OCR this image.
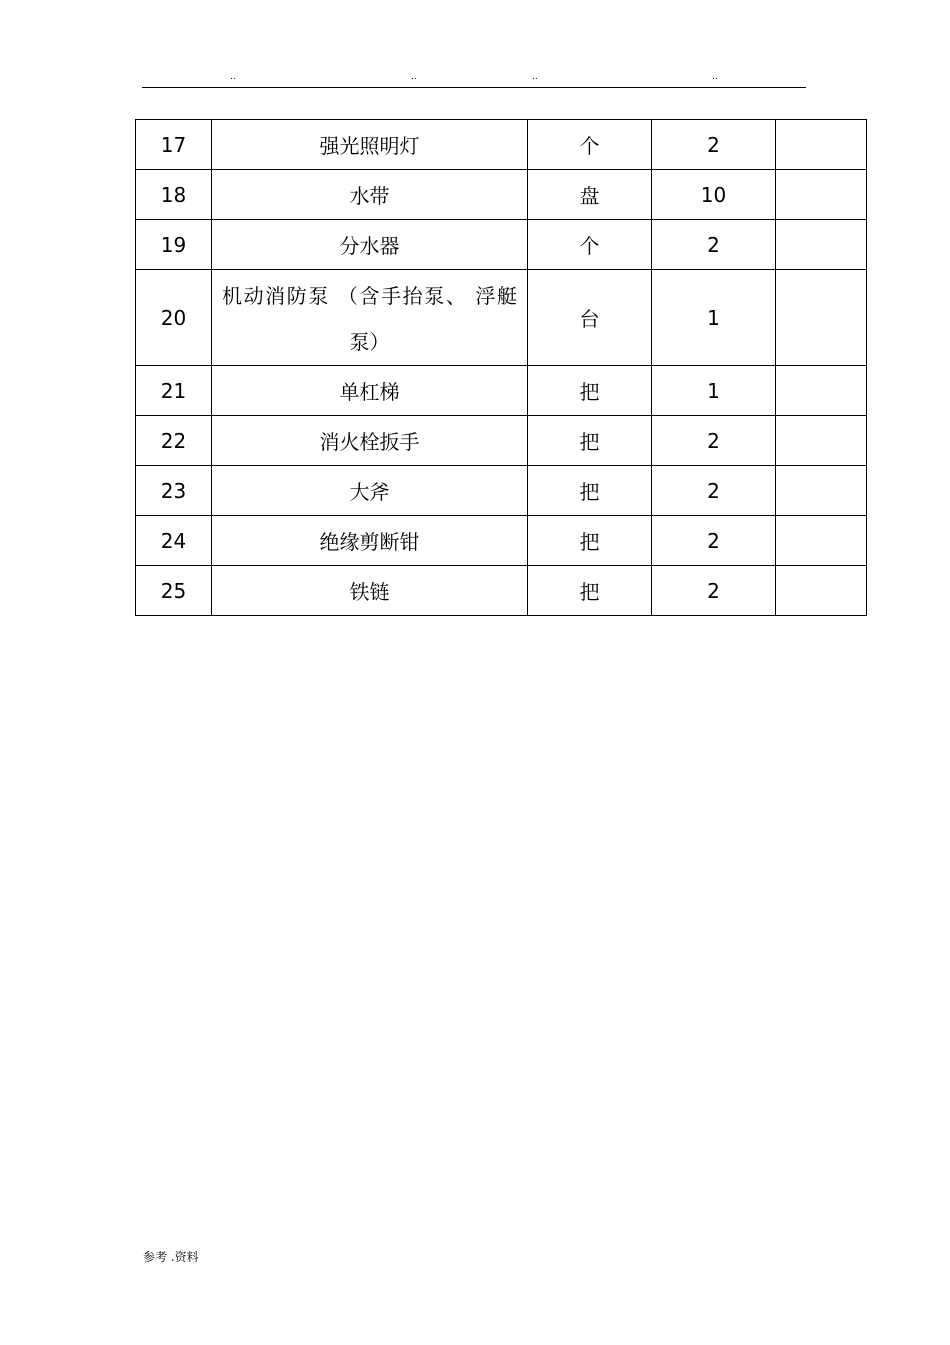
..	..	..	..
17	强光照明灯	个	2	
18	水带	盘	10	
19	分水器	个	2	
20	机动消防泵 （含手抬泵、 浮艇泵）	台	1	
21	单杠梯	把	1	
22	消火栓扳手	把	2	
23	大斧	把	2	
24	绝缘剪断钳	把	2	
25	铁链	把	2	
参考 .资料
